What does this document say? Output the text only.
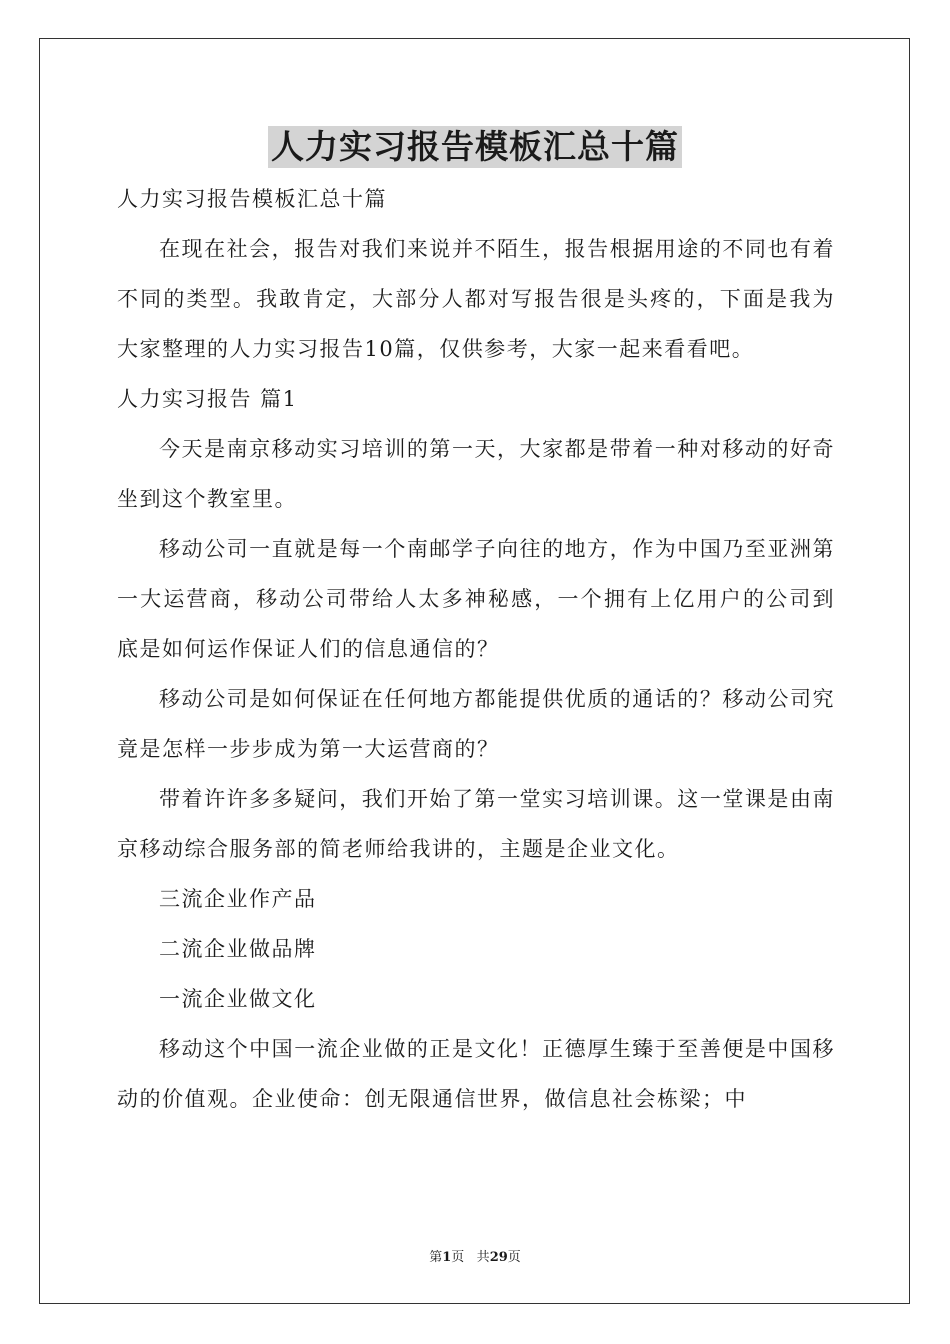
人力实习报告模板汇总十篇

人力实习报告模板汇总十篇

在现在社会，报告对我们来说并不陌生，报告根据用途的不同也有着不同的类型。我敢肯定，大部分人都对写报告很是头疼的，下面是我为大家整理的人力实习报告10篇，仅供参考，大家一起来看看吧。

人力实习报告 篇1

今天是南京移动实习培训的第一天，大家都是带着一种对移动的好奇坐到这个教室里。

移动公司一直就是每一个南邮学子向往的地方，作为中国乃至亚洲第一大运营商，移动公司带给人太多神秘感，一个拥有上亿用户的公司到底是如何运作保证人们的信息通信的？

移动公司是如何保证在任何地方都能提供优质的通话的？移动公司究竟是怎样一步步成为第一大运营商的？

带着许许多多疑问，我们开始了第一堂实习培训课。这一堂课是由南京移动综合服务部的简老师给我讲的，主题是企业文化。

三流企业作产品

二流企业做品牌

一流企业做文化

移动这个中国一流企业做的正是文化！正德厚生臻于至善便是中国移动的价值观。企业使命：创无限通信世界，做信息社会栋梁；中

第1页 共29页
